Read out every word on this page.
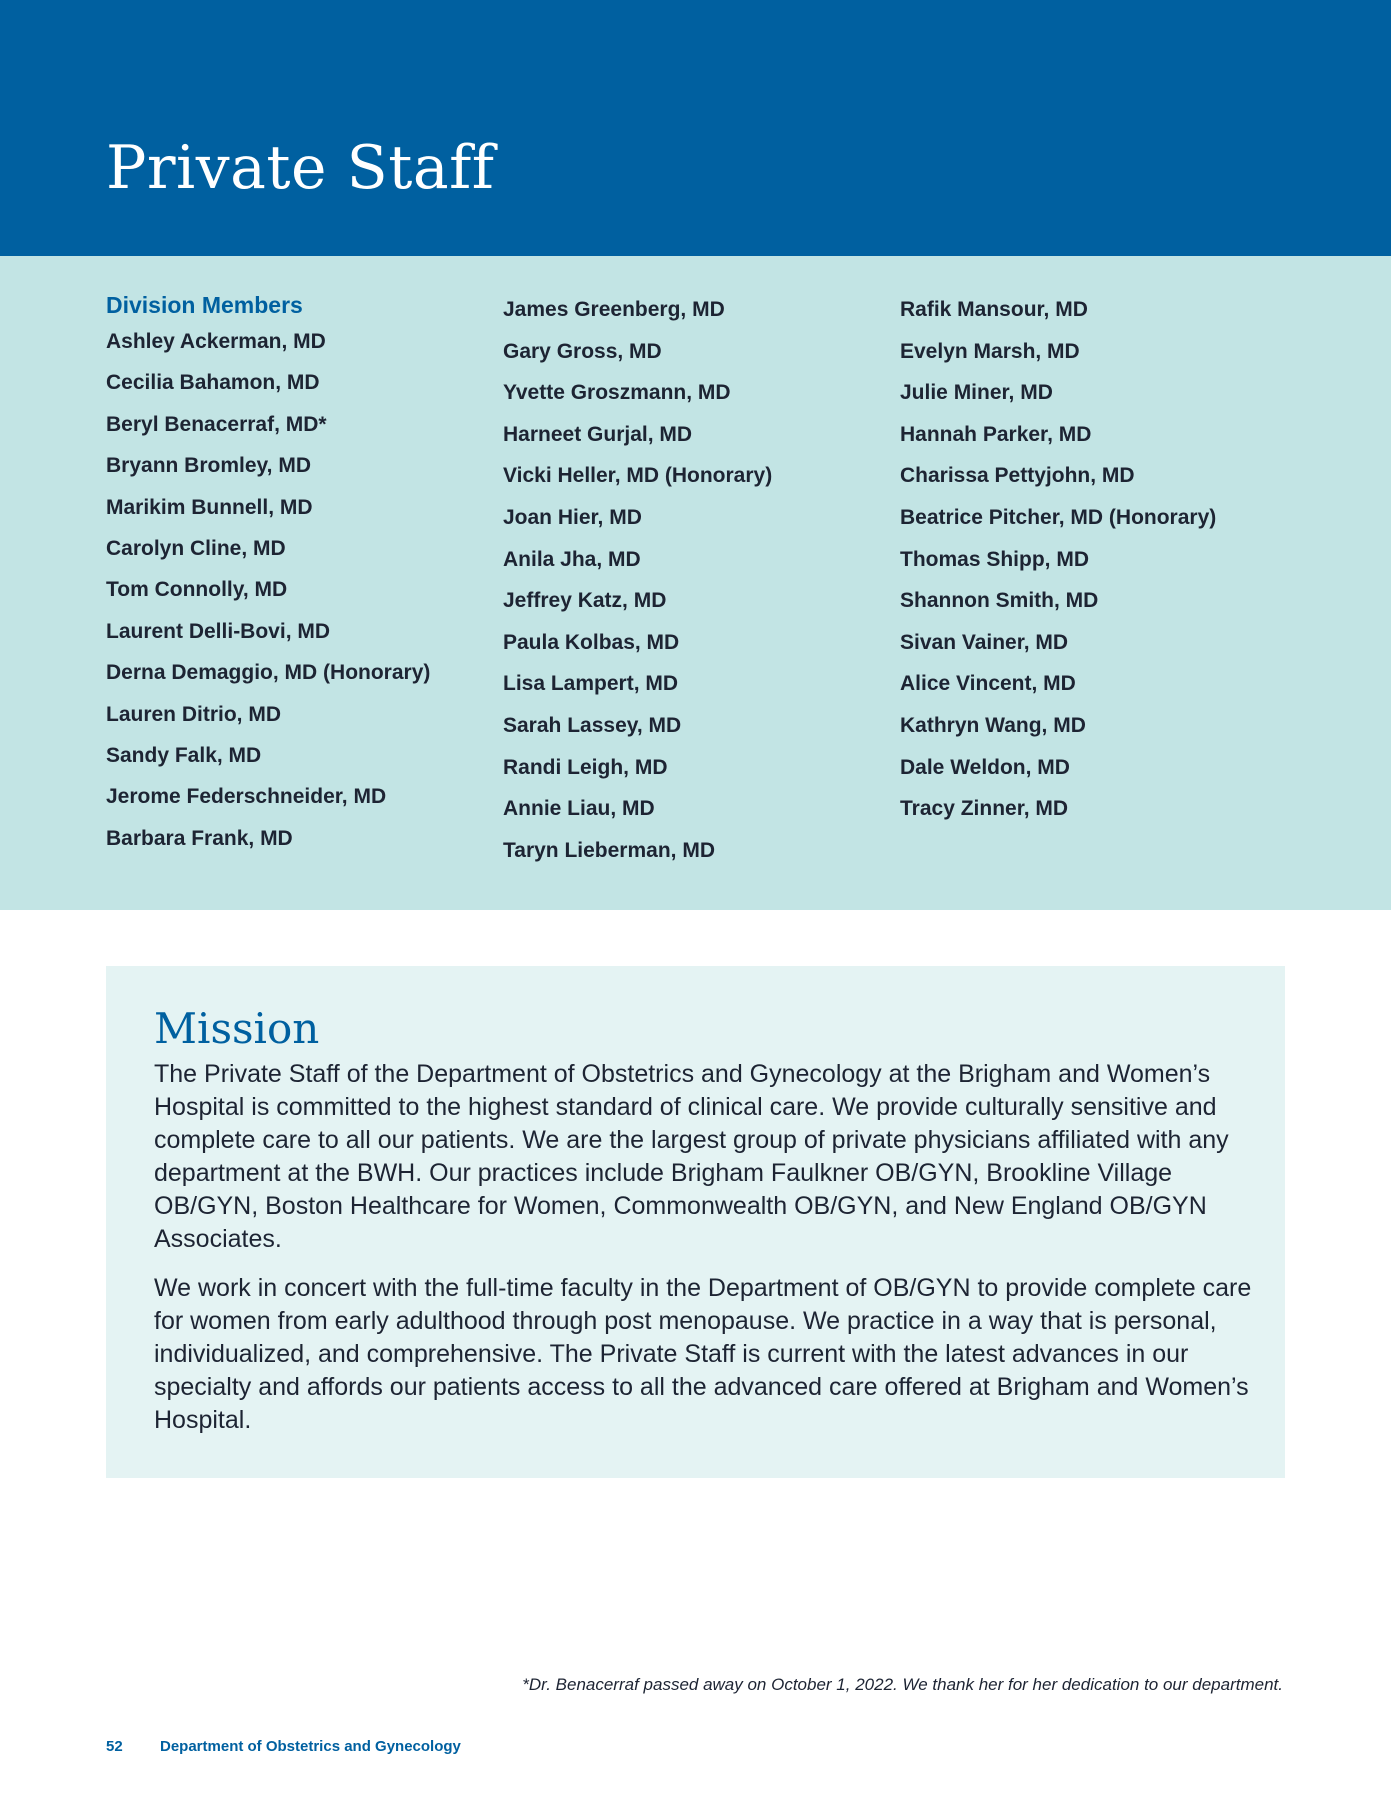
Private Staff
Division Members
Ashley Ackerman, MD
Cecilia Bahamon, MD
Beryl Benacerraf, MD*
Bryann Bromley, MD
Marikim Bunnell, MD
Carolyn Cline, MD
Tom Connolly, MD
Laurent Delli-Bovi, MD
Derna Demaggio, MD (Honorary)
Lauren Ditrio, MD
Sandy Falk, MD
Jerome Federschneider, MD
Barbara Frank, MD
James Greenberg, MD
Gary Gross, MD
Yvette Groszmann, MD
Harneet Gurjal, MD
Vicki Heller, MD (Honorary)
Joan Hier, MD
Anila Jha, MD
Jeffrey Katz, MD
Paula Kolbas, MD
Lisa Lampert, MD
Sarah Lassey, MD
Randi Leigh, MD
Annie Liau, MD
Taryn Lieberman, MD
Rafik Mansour, MD
Evelyn Marsh, MD
Julie Miner, MD
Hannah Parker, MD
Charissa Pettyjohn, MD
Beatrice Pitcher, MD (Honorary)
Thomas Shipp, MD
Shannon Smith, MD
Sivan Vainer, MD
Alice Vincent, MD
Kathryn Wang, MD
Dale Weldon, MD
Tracy Zinner, MD
Mission

The Private Staff of the Department of Obstetrics and Gynecology at the Brigham and Women’s Hospital is committed to the highest standard of clinical care. We provide culturally sensitive and complete care to all our patients. We are the largest group of private physicians affiliated with any department at the BWH. Our practices include Brigham Faulkner OB/GYN, Brookline Village OB/GYN, Boston Healthcare for Women, Commonwealth OB/GYN, and New England OB/GYN Associates.

We work in concert with the full-time faculty in the Department of OB/GYN to provide complete care for women from early adulthood through post menopause. We practice in a way that is personal, individualized, and comprehensive. The Private Staff is current with the latest advances in our specialty and affords our patients access to all the advanced care offered at Brigham and Women’s Hospital.

*Dr. Benacerraf passed away on October 1, 2022. We thank her for her dedication to our department.
52 Department of Obstetrics and Gynecology
